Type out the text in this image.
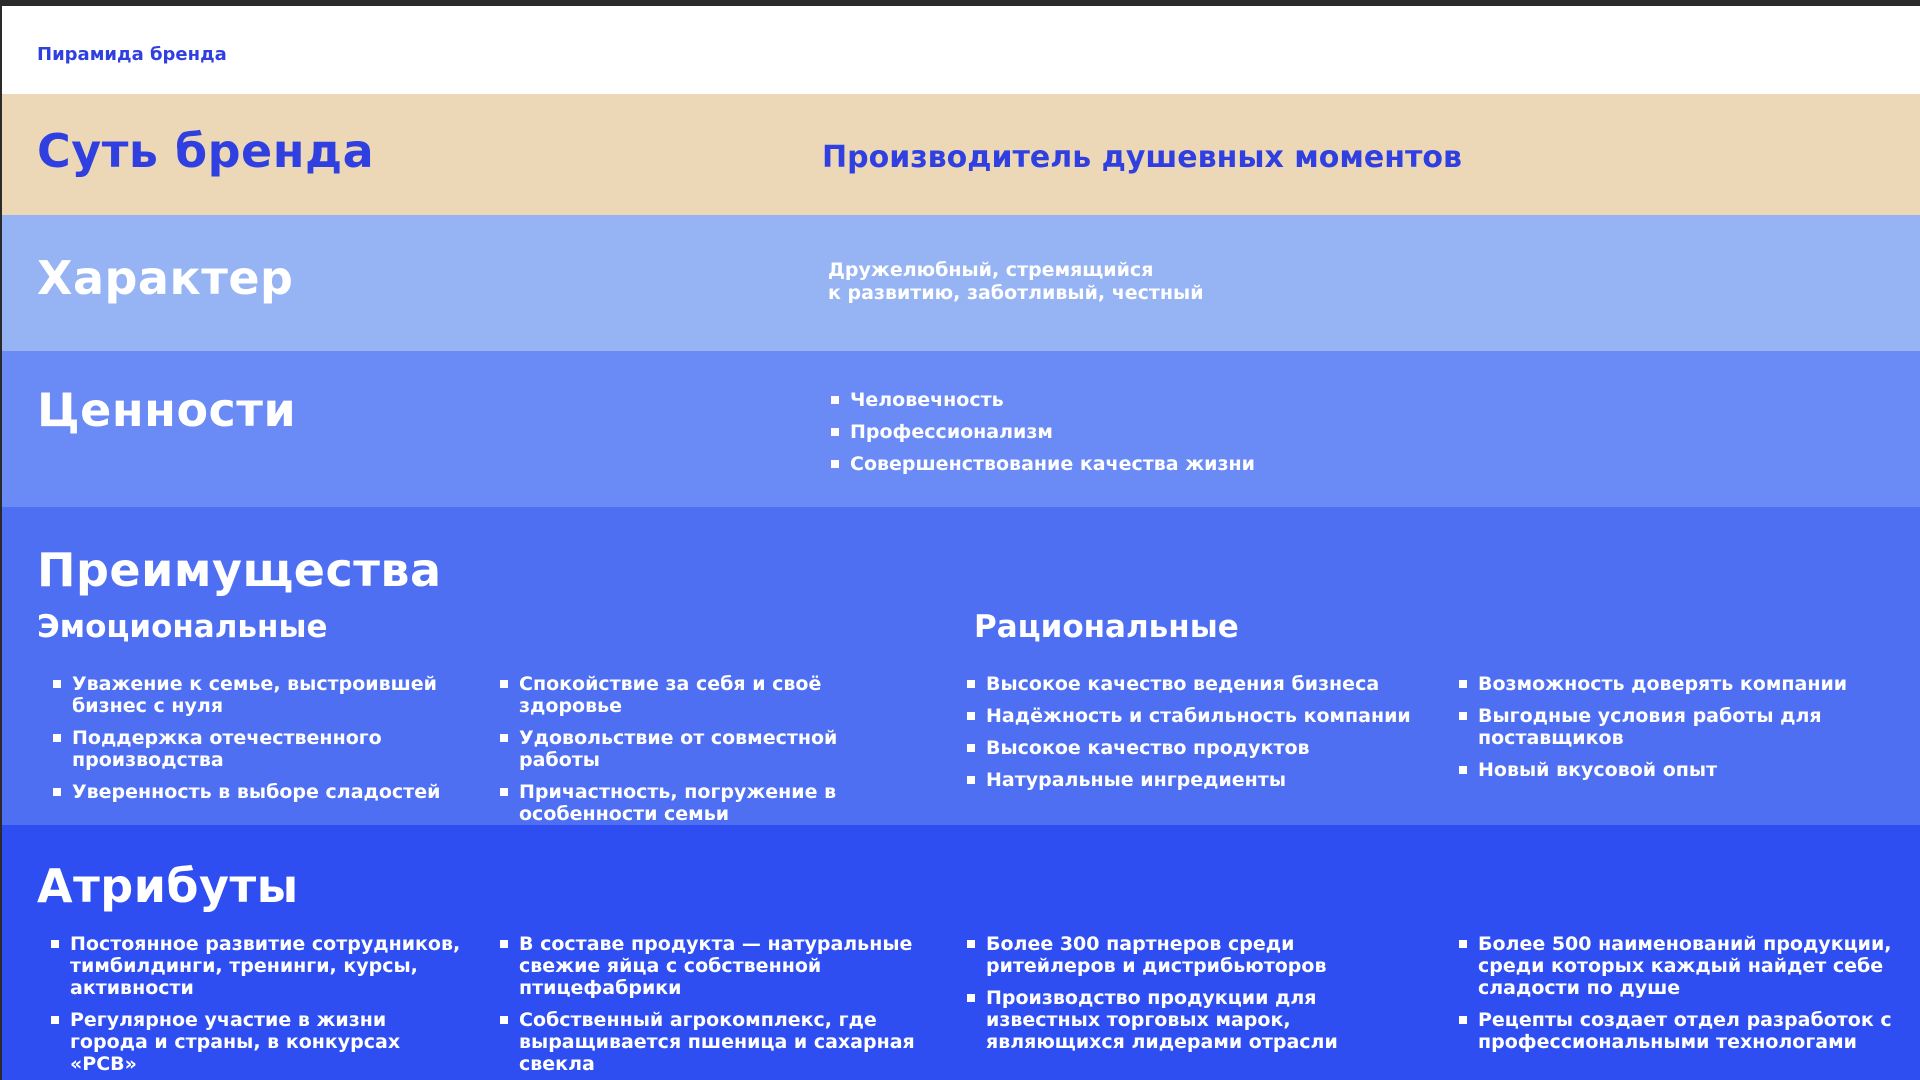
Пирамида бренда
Суть бренда	Производитель душевных моментов
Характер	Дружелюбный, стремящийся
к развитию, заботливый, честный
Ценности	Человечность
Профессионализм
Совершенствование качества жизни
Преимущества
Эмоциональные	Рациональные
Уважение к семье, выстроившей бизнес с нуля
Поддержка отечественного производства
Уверенность в выборе сладостей
Спокойствие за себя и своё здоровье
Удовольствие от совместной работы
Причастность, погружение в особенности семьи
Высокое качество ведения бизнеса
Надёжность и стабильность компании
Высокое качество продуктов
Натуральные ингредиенты
Возможность доверять компании
Выгодные условия работы для поставщиков
Новый вкусовой опыт
Атрибуты
Постоянное развитие сотрудников, тимбилдинги, тренинги, курсы, активности
Регулярное участие в жизни города и страны, в конкурсах «РСВ»
В составе продукта — натуральные свежие яйца с собственной птицефабрики
Собственный агрокомплекс, где выращивается пшеница и сахарная свекла
Более 300 партнеров среди ритейлеров и дистрибьюторов
Производство продукции для известных торговых марок, являющихся лидерами отрасли
Более 500 наименований продукции, среди которых каждый найдет себе сладости по душе
Рецепты создает отдел разработок с профессиональными технологами
